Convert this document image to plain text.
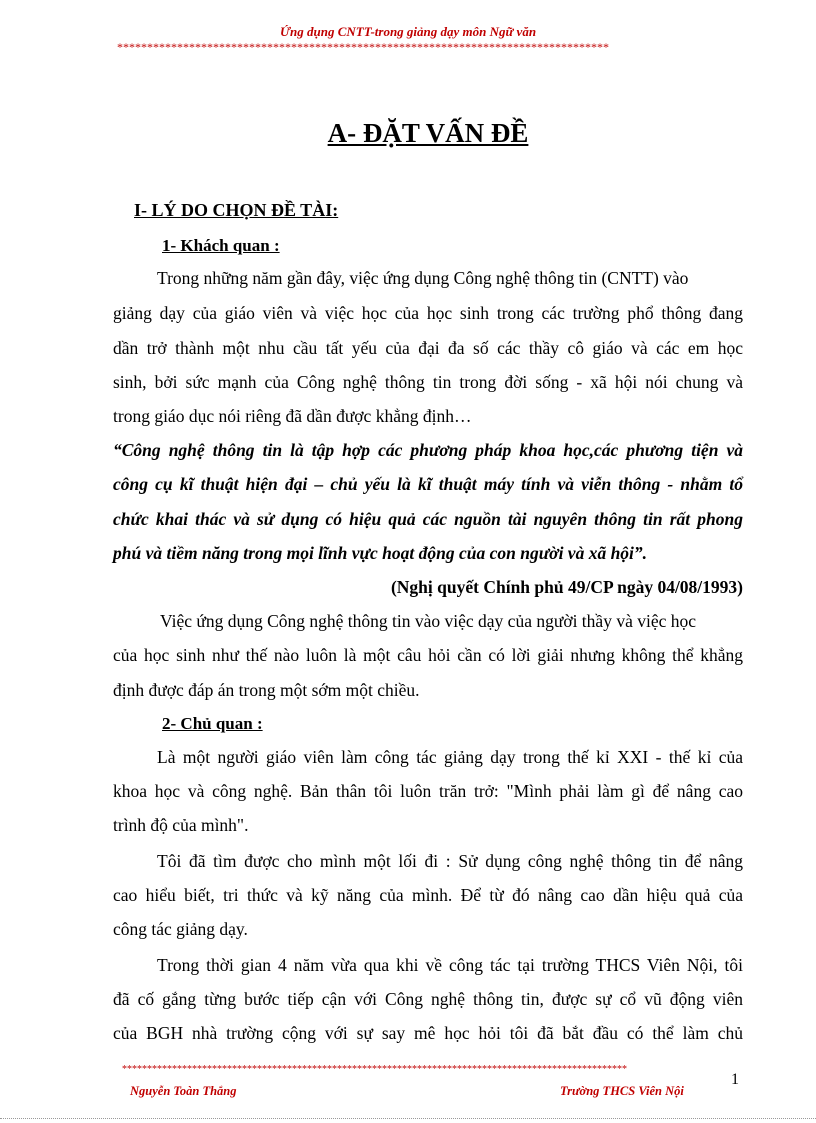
Ứng dụng CNTT-trong giảng dạy môn Ngữ văn
**********************************************************************************
A- ĐẶT VẤN ĐỀ
I- LÝ DO CHỌN ĐỀ TÀI:
1- Khách quan :
Trong những năm gần đây, việc ứng dụng Công nghệ thông tin (CNTT) vào
giảng dạy của giáo viên và việc học của học sinh trong các trường phổ thông đang
dần trở thành một nhu cầu tất yếu của đại đa số các thầy cô giáo và các em học
sinh, bởi sức mạnh của Công nghệ thông tin trong đời sống - xã hội nói chung và
trong giáo dục nói riêng đã dần được khẳng định…
“Công nghệ thông tin là tập hợp các phương pháp khoa học,các phương tiện và
công cụ kĩ thuật hiện đại – chủ yếu là kĩ thuật máy tính và viễn thông - nhằm tổ
chức khai thác và sử dụng có hiệu quả các nguồn tài nguyên thông tin rất phong
phú và tiềm năng trong mọi lĩnh vực hoạt động của con người và xã hội”.
(Nghị quyết Chính phủ 49/CP ngày 04/08/1993)
Việc ứng dụng Công nghệ thông tin vào việc dạy của người thầy và việc học
của học sinh như thế nào luôn là một câu hỏi cần có lời giải nhưng không thể khẳng
định được đáp án trong một sớm một chiều.
2- Chủ quan :
Là một người giáo viên làm công tác giảng dạy trong thế kỉ XXI - thế kỉ của
khoa học và công nghệ. Bản thân tôi luôn trăn trở: "Mình phải làm gì để nâng cao
trình độ của mình".
Tôi đã tìm được cho mình một lối đi : Sử dụng công nghệ thông tin để nâng
cao hiểu biết, tri thức và kỹ năng của mình. Để từ đó nâng cao dần hiệu quả của
công tác giảng dạy.
Trong thời gian 4 năm vừa qua khi về công tác tại trường THCS Viên Nội, tôi
đã cố gắng từng bước tiếp cận với Công nghệ thông tin, được sự cổ vũ động viên
của BGH nhà trường cộng với sự say mê học hỏi tôi đã bắt đầu có thể làm chủ
*****************************************************************************************************
1
Nguyễn Toàn Thắng	Trường THCS Viên Nội
